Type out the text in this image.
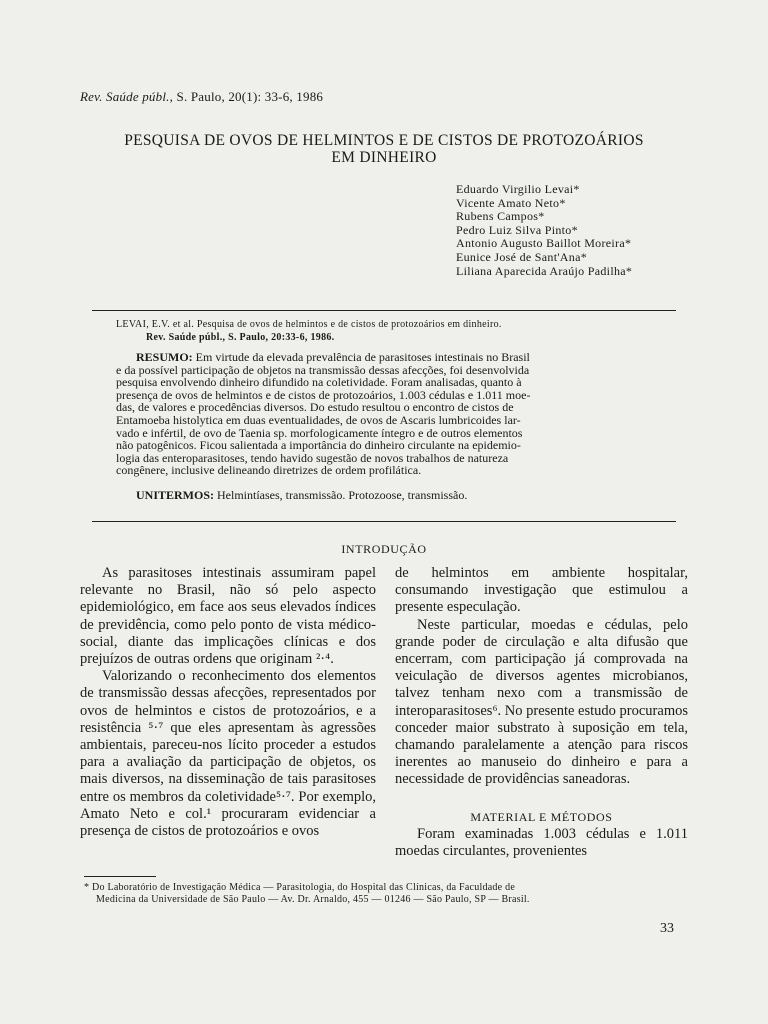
Rev. Saúde públ., S. Paulo, 20(1): 33-6, 1986
PESQUISA DE OVOS DE HELMINTOS E DE CISTOS DE PROTOZOÁRIOS
EM DINHEIRO
Eduardo Virgilio Levai*
Vicente Amato Neto*
Rubens Campos*
Pedro Luiz Silva Pinto*
Antonio Augusto Baillot Moreira*
Eunice José de Sant'Ana*
Liliana Aparecida Araújo Padilha*
LEVAI, E.V. et al. Pesquisa de ovos de helmintos e de cistos de protozoários em dinheiro.
Rev. Saúde públ., S. Paulo, 20:33-6, 1986.
RESUMO: Em virtude da elevada prevalência de parasitoses intestinais no Brasil
e da possível participação de objetos na transmissão dessas afecções, foi desenvolvida
pesquisa envolvendo dinheiro difundido na coletividade. Foram analisadas, quanto à
presença de ovos de helmintos e de cistos de protozoários, 1.003 cédulas e 1.011 moe-
das, de valores e procedências diversos. Do estudo resultou o encontro de cistos de
Entamoeba histolytica em duas eventualidades, de ovos de Ascaris lumbricoides lar-
vado e infértil, de ovo de Taenia sp. morfologicamente íntegro e de outros elementos
não patogênicos. Ficou salientada a importância do dinheiro circulante na epidemio-
logia das enteroparasitoses, tendo havido sugestão de novos trabalhos de natureza
congênere, inclusive delineando diretrizes de ordem profilática.
UNITERMOS: Helmintíases, transmissão. Protozoose, transmissão.
INTRODUÇÃO

As parasitoses intestinais assumiram papel relevante no Brasil, não só pelo aspecto epidemiológico, em face aos seus elevados índices de previdência, como pelo ponto de vista médico-social, diante das implicações clínicas e dos prejuízos de outras ordens que originam ²·⁴.

Valorizando o reconhecimento dos elementos de transmissão dessas afecções, representados por ovos de helmintos e cistos de protozoários, e a resistência ⁵·⁷ que eles apresentam às agressões ambientais, pareceu-nos lícito proceder a estudos para a avaliação da participação de objetos, os mais diversos, na disseminação de tais parasitoses entre os membros da coletividade⁵·⁷. Por exemplo, Amato Neto e col.¹ procuraram evidenciar a presença de cistos de protozoários e ovos

de helmintos em ambiente hospitalar, consumando investigação que estimulou a presente especulação.

Neste particular, moedas e cédulas, pelo grande poder de circulação e alta difusão que encerram, com participação já comprovada na veiculação de diversos agentes microbianos, talvez tenham nexo com a transmissão de interoparasitoses⁶. No presente estudo procuramos conceder maior substrato à suposição em tela, chamando paralelamente a atenção para riscos inerentes ao manuseio do dinheiro e para a necessidade de providências saneadoras.

MATERIAL E MÉTODOS

Foram examinadas 1.003 cédulas e 1.011 moedas circulantes, provenientes

* Do Laboratório de Investigação Médica — Parasitologia, do Hospital das Clínicas, da Faculdade de
Medicina da Universidade de São Paulo — Av. Dr. Arnaldo, 455 — 01246 — São Paulo, SP — Brasil.
33
